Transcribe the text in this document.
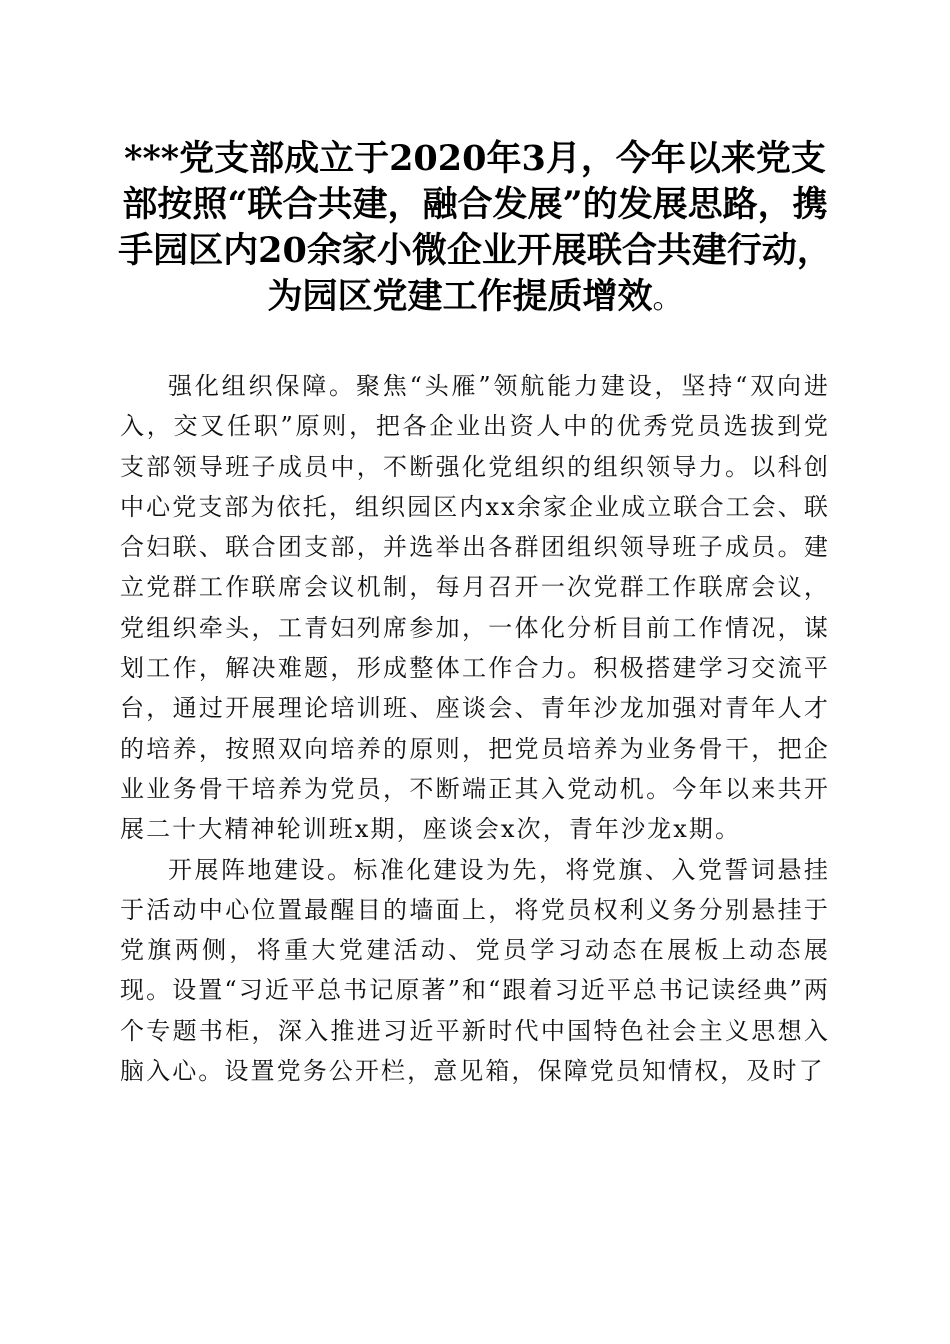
***党支部成立于2020年3月，今年以来党支部按照“联合共建，融合发展”的发展思路，携手园区内20余家小微企业开展联合共建行动，为园区党建工作提质增效。

强化组织保障。聚焦“头雁”领航能力建设，坚持“双向进入，交叉任职”原则，把各企业出资人中的优秀党员选拔到党支部领导班子成员中，不断强化党组织的组织领导力。以科创中心党支部为依托，组织园区内xx余家企业成立联合工会、联合妇联、联合团支部，并选举出各群团组织领导班子成员。建立党群工作联席会议机制，每月召开一次党群工作联席会议，党组织牵头，工青妇列席参加，一体化分析目前工作情况，谋划工作，解决难题，形成整体工作合力。积极搭建学习交流平台，通过开展理论培训班、座谈会、青年沙龙加强对青年人才的培养，按照双向培养的原则，把党员培养为业务骨干，把企业业务骨干培养为党员，不断端正其入党动机。今年以来共开展二十大精神轮训班x期，座谈会x次，青年沙龙x期。

开展阵地建设。标准化建设为先，将党旗、入党誓词悬挂于活动中心位置最醒目的墙面上，将党员权利义务分别悬挂于党旗两侧，将重大党建活动、党员学习动态在展板上动态展现。设置“习近平总书记原著”和“跟着习近平总书记读经典”两个专题书柜，深入推进习近平新时代中国特色社会主义思想入脑入心。设置党务公开栏，意见箱，保障党员知情权，及时了
